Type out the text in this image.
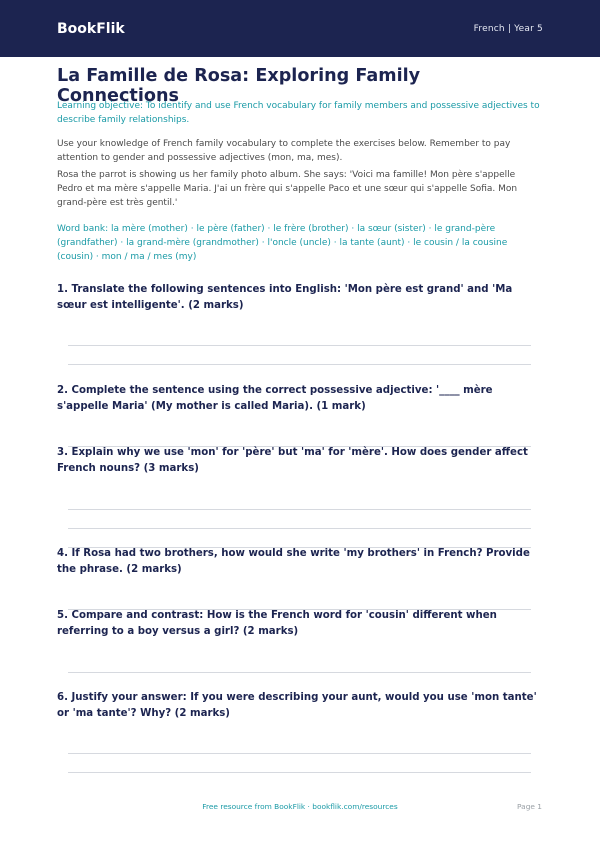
BookFlik	French | Year 5
La Famille de Rosa: Exploring Family Connections

Learning objective: To identify and use French vocabulary for family members and possessive adjectives to describe family relationships.

Use your knowledge of French family vocabulary to complete the exercises below. Remember to pay attention to gender and possessive adjectives (mon, ma, mes).

Rosa the parrot is showing us her family photo album. She says: 'Voici ma famille! Mon père s'appelle Pedro et ma mère s'appelle Maria. J'ai un frère qui s'appelle Paco et une sœur qui s'appelle Sofia. Mon grand-père est très gentil.'

Word bank: la mère (mother) · le père (father) · le frère (brother) · la sœur (sister) · le grand-père (grandfather) · la grand-mère (grandmother) · l'oncle (uncle) · la tante (aunt) · le cousin / la cousine (cousin) · mon / ma / mes (my)

1. Translate the following sentences into English: 'Mon père est grand' and 'Ma sœur est intelligente'. (2 marks)

2. Complete the sentence using the correct possessive adjective: '____ mère s'appelle Maria' (My mother is called Maria). (1 mark)

3. Explain why we use 'mon' for 'père' but 'ma' for 'mère'. How does gender affect French nouns? (3 marks)

4. If Rosa had two brothers, how would she write 'my brothers' in French? Provide the phrase. (2 marks)

5. Compare and contrast: How is the French word for 'cousin' different when referring to a boy versus a girl? (2 marks)

6. Justify your answer: If you were describing your aunt, would you use 'mon tante' or 'ma tante'? Why? (2 marks)

Free resource from BookFlik · bookflik.com/resources	Page 1
